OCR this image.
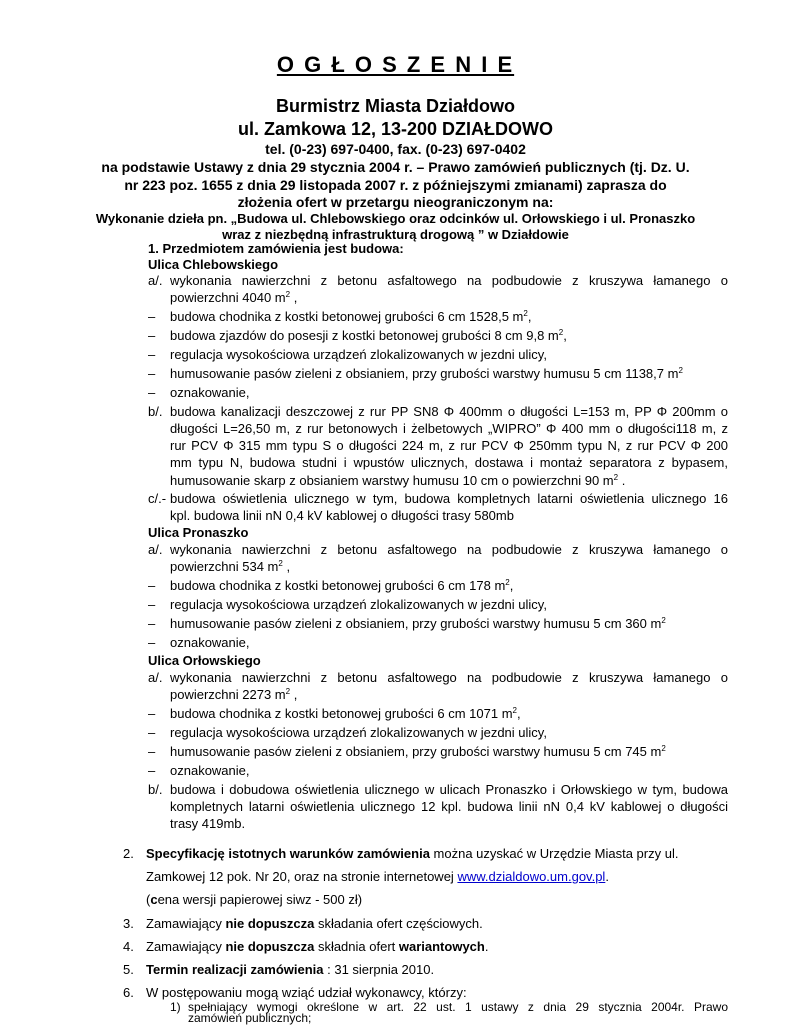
O G Ł O S Z E N I E
Burmistrz Miasta Działdowo
ul. Zamkowa 12, 13-200 DZIAŁDOWO
tel. (0-23) 697-0400, fax. (0-23) 697-0402
na podstawie Ustawy z dnia 29 stycznia 2004 r. – Prawo zamówień publicznych (tj. Dz. U.
nr 223 poz. 1655 z dnia 29 listopada 2007 r. z późniejszymi zmianami) zaprasza do
złożenia ofert w przetargu nieograniczonym na:
Wykonanie dzieła pn. „Budowa ul. Chlebowskiego oraz odcinków ul. Orłowskiego i ul. Pronaszko
wraz z niezbędną infrastrukturą drogową ” w Działdowie
1. Przedmiotem zamówienia jest budowa:
Ulica Chlebowskiego
a/. wykonania nawierzchni z betonu asfaltowego na podbudowie z kruszywa łamanego o
powierzchni 4040 $m^2$ ,
– budowa chodnika z kostki betonowej grubości 6 cm 1528,5 $m^2$,
– budowa zjazdów do posesji z kostki betonowej grubości 8 cm 9,8 $m^2$,
– regulacja wysokościowa urządzeń zlokalizowanych w jezdni ulicy,
– humusowanie pasów zieleni z obsianiem, przy grubości warstwy humusu 5 cm 1138,7 $m^2$
– oznakowanie,
b/. budowa kanalizacji deszczowej z rur PP SN8 Φ 400mm o długości L=153 m, PP Φ 200mm o
długości L=26,50 m, z rur betonowych i żelbetowych „WIPRO” Φ 400 mm o długości118 m, z
rur PCV Φ 315 mm typu S o długości 224 m, z rur PCV Φ 250mm typu N, z rur PCV Φ 200
mm typu N, budowa studni i wpustów ulicznych, dostawa i montaż separatora z bypasem,
humusowanie skarp z obsianiem warstwy humusu 10 cm o powierzchni 90 $m^2$ .
c/.- budowa oświetlenia ulicznego w tym, budowa kompletnych latarni oświetlenia ulicznego 16
kpl. budowa linii nN 0,4 kV kablowej o długości trasy 580mb
Ulica Pronaszko
a/. wykonania nawierzchni z betonu asfaltowego na podbudowie z kruszywa łamanego o
powierzchni 534 $m^2$ ,
– budowa chodnika z kostki betonowej grubości 6 cm 178 $m^2$,
– regulacja wysokościowa urządzeń zlokalizowanych w jezdni ulicy,
– humusowanie pasów zieleni z obsianiem, przy grubości warstwy humusu 5 cm 360 $m^2$
– oznakowanie,
Ulica Orłowskiego
a/. wykonania nawierzchni z betonu asfaltowego na podbudowie z kruszywa łamanego o
powierzchni 2273 $m^2$ ,
– budowa chodnika z kostki betonowej grubości 6 cm 1071 $m^2$,
– regulacja wysokościowa urządzeń zlokalizowanych w jezdni ulicy,
– humusowanie pasów zieleni z obsianiem, przy grubości warstwy humusu 5 cm 745 $m^2$
– oznakowanie,
b/. budowa i dobudowa oświetlenia ulicznego w ulicach Pronaszko i Orłowskiego w tym, budowa
kompletnych latarni oświetlenia ulicznego 12 kpl. budowa linii nN 0,4 kV kablowej o długości
trasy 419mb.
2. Specyfikację istotnych warunków zamówienia można uzyskać w Urzędzie Miasta przy ul.
Zamkowej 12 pok. Nr 20, oraz na stronie internetowej www.dzialdowo.um.gov.pl.
(cena wersji papierowej siwz - 500 zł)
3. Zamawiający nie dopuszcza składania ofert częściowych.
4. Zamawiający nie dopuszcza składnia ofert wariantowych.
5. Termin realizacji zamówienia : 31 sierpnia 2010.
6. W postępowaniu mogą wziąć udział wykonawcy, którzy:
1) spełniający wymogi określone w art. 22 ust. 1 ustawy z dnia 29 stycznia 2004r. Prawo
zamówień publicznych;
